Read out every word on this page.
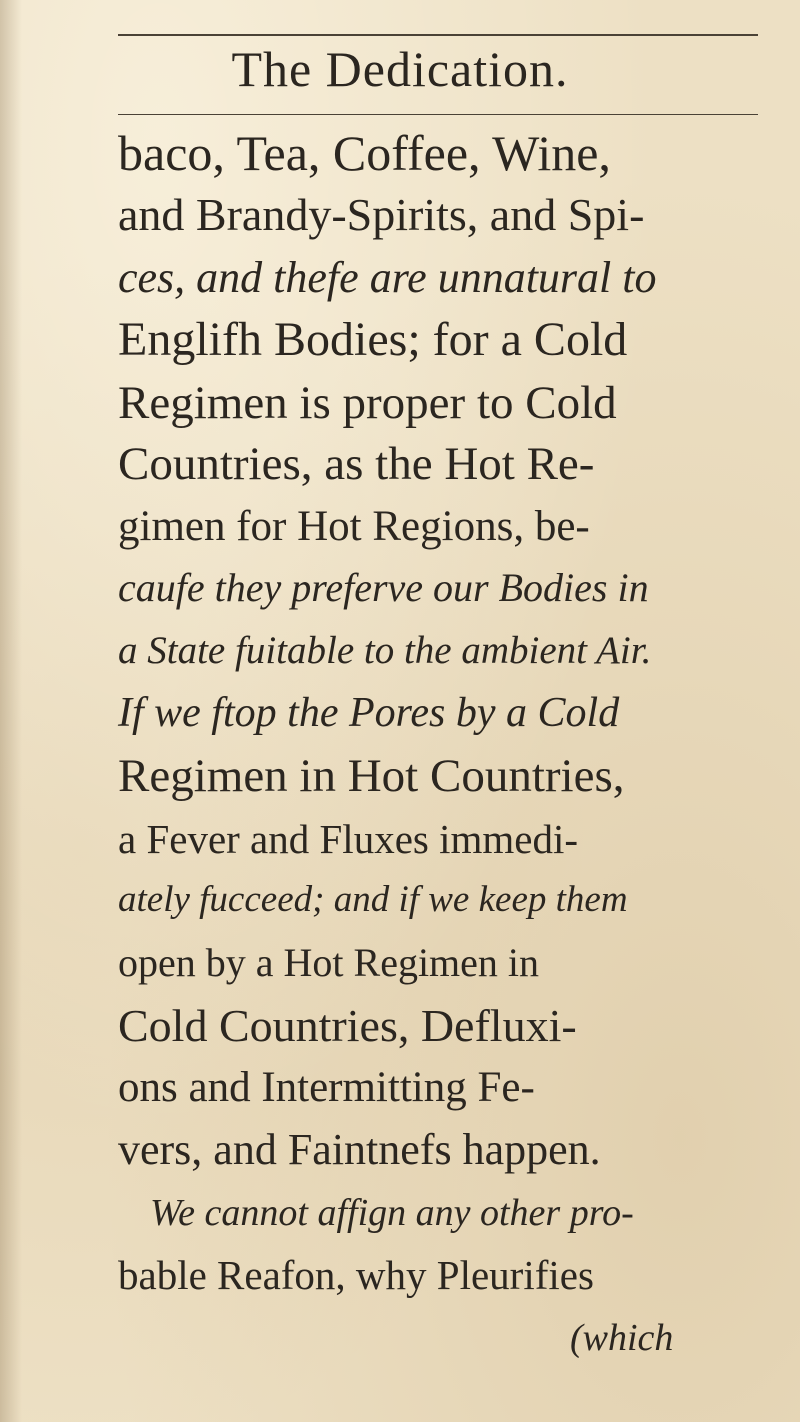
The Dedication.
baco, Tea, Coffee, Wine,
and Brandy-Spirits, and Spi-
ces, and thefe are unnatural to
Englifh Bodies; for a Cold
Regimen is proper to Cold
Countries, as the Hot Re-
gimen for Hot Regions, be-
caufe they preferve our Bodies in
a State fuitable to the ambient Air.
If we ftop the Pores by a Cold
Regimen in Hot Countries,
a Fever and Fluxes immedi-
ately fucceed; and if we keep them
open by a Hot Regimen in
Cold Countries, Defluxi-
ons and Intermitting Fe-
vers, and Faintnefs happen.
We cannot affign any other pro-
bable Reafon, why Pleurifies
(which
